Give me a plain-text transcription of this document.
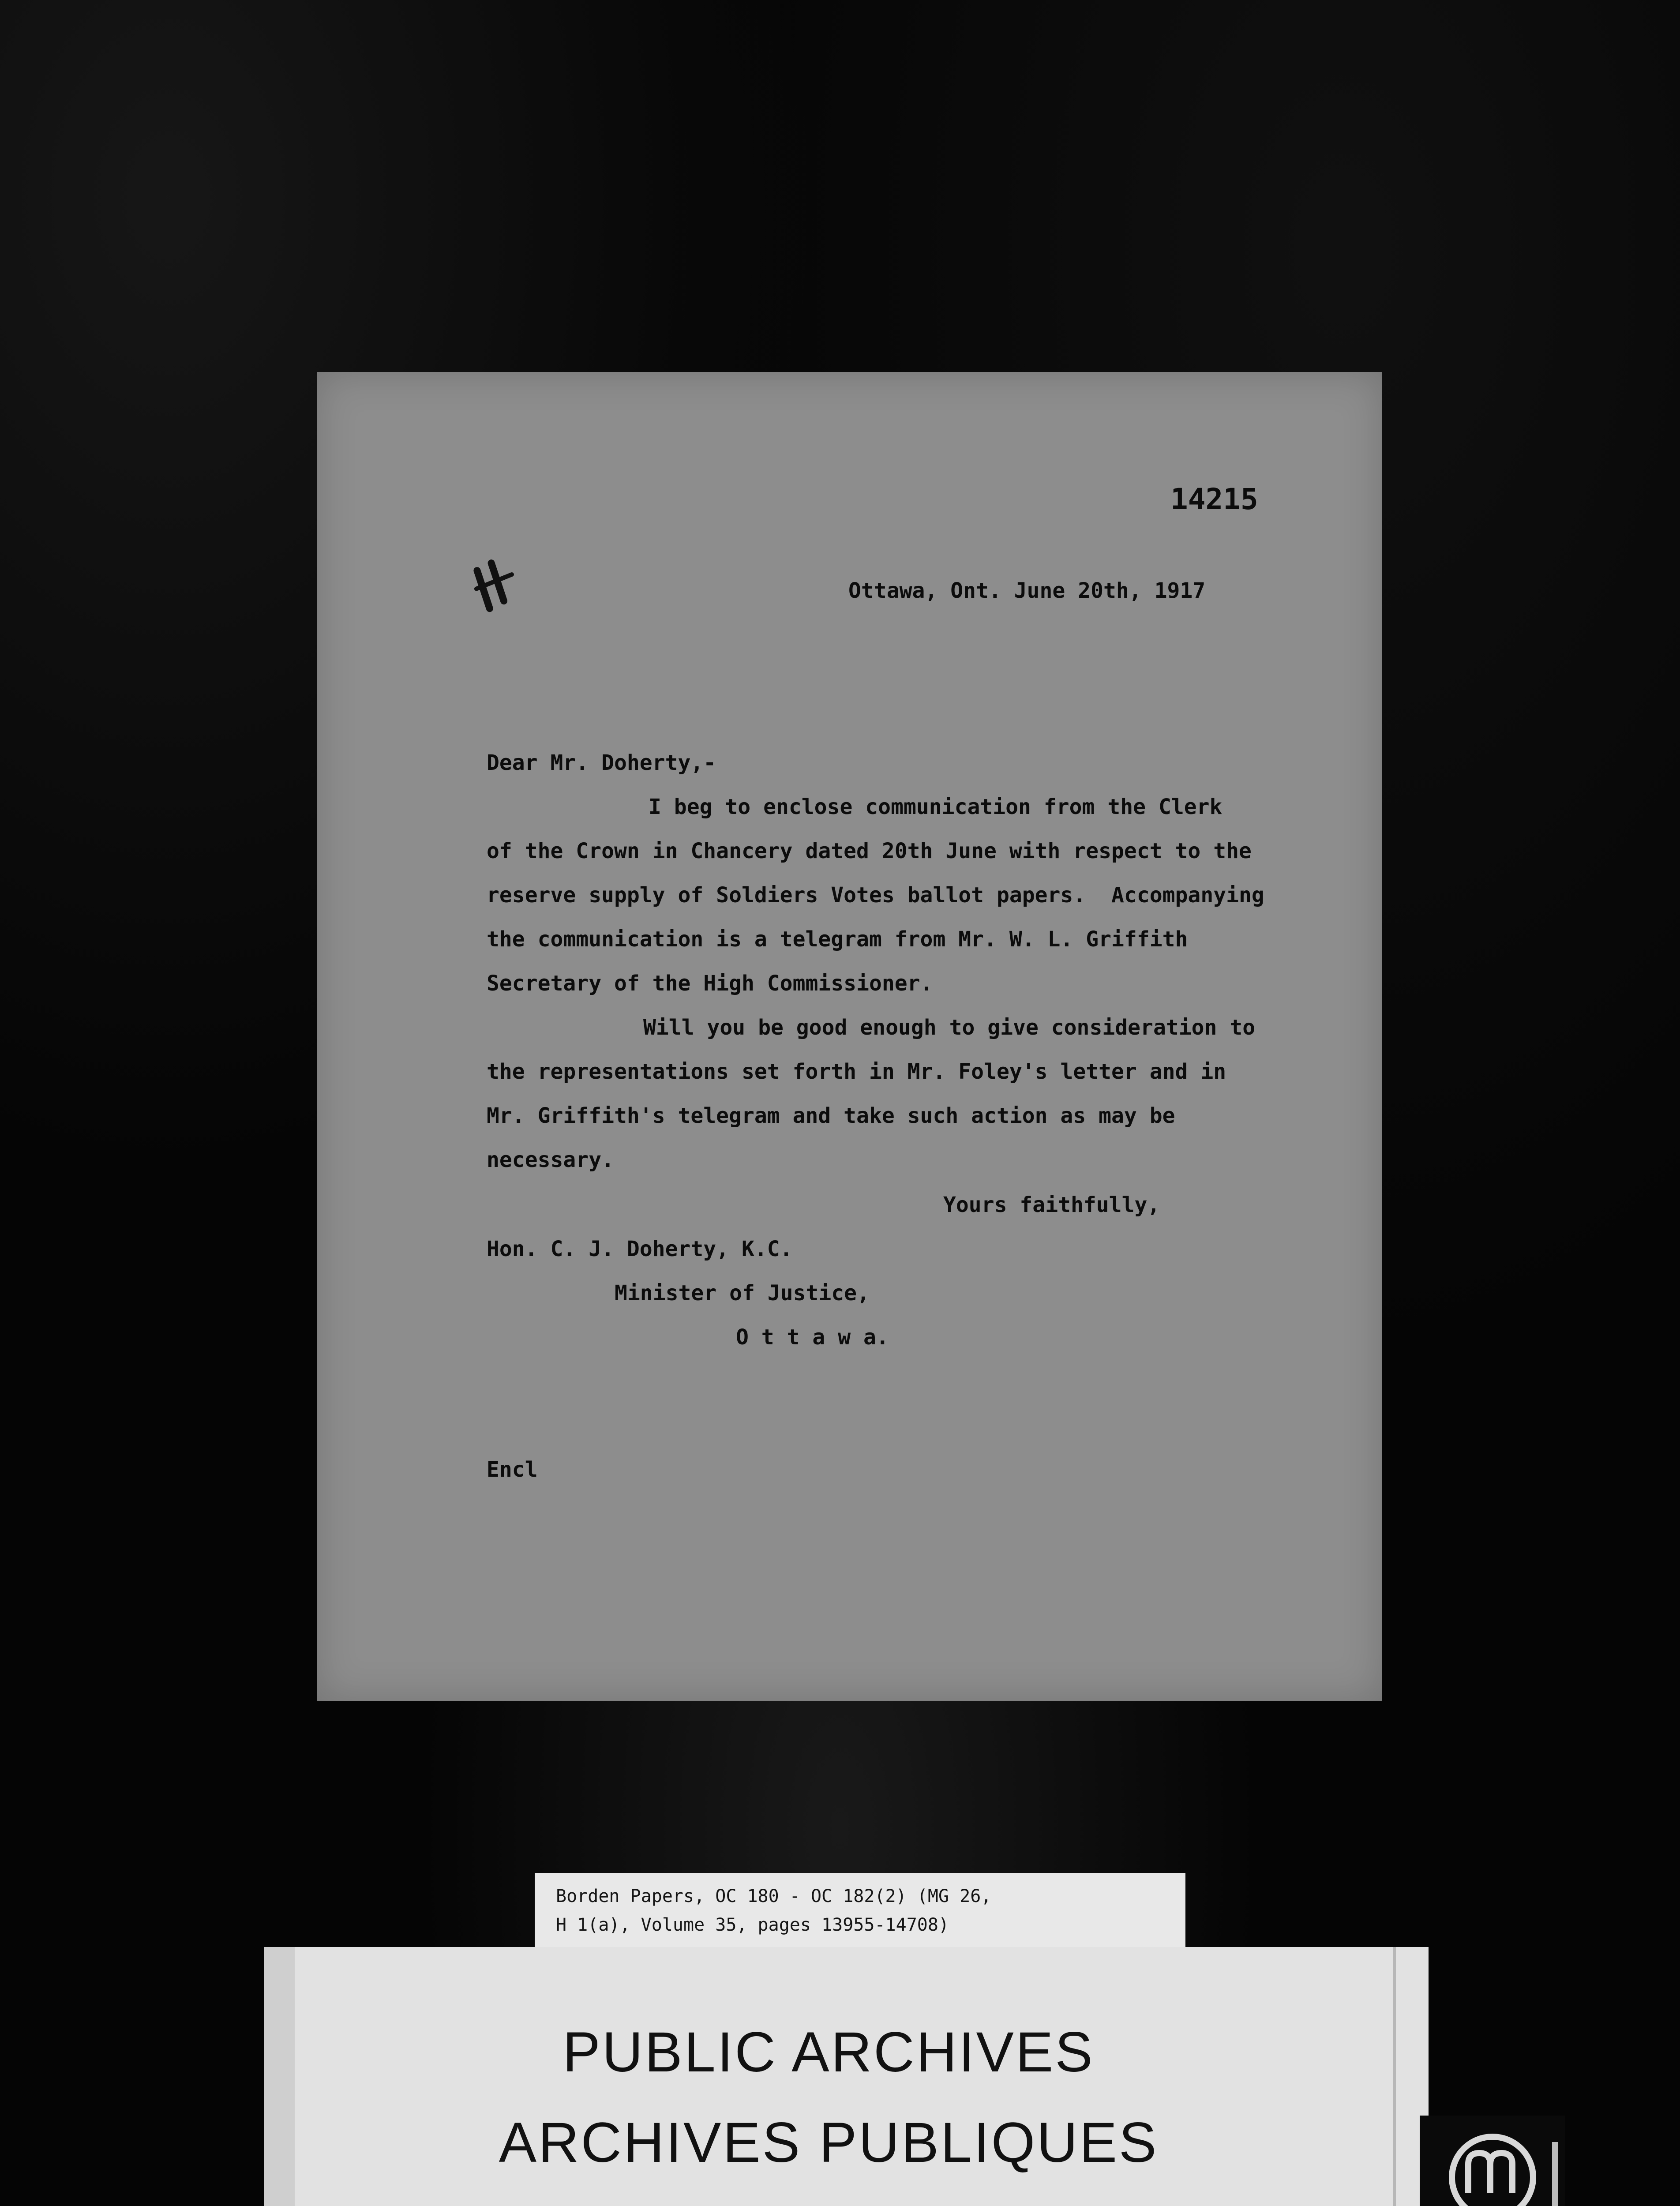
14215
Ottawa, Ont. June 20th, 1917
Dear Mr. Doherty,-
I beg to enclose communication from the Clerk
of the Crown in Chancery dated 20th June with respect to the
reserve supply of Soldiers Votes ballot papers.  Accompanying
the communication is a telegram from Mr. W. L. Griffith
Secretary of the High Commissioner.
Will you be good enough to give consideration to
the representations set forth in Mr. Foley's letter and in
Mr. Griffith's telegram and take such action as may be
necessary.
Yours faithfully,
Hon. C. J. Doherty, K.C.
Minister of Justice,
O t t a w a.
Encl
Borden Papers, OC 180 - OC 182(2) (MG 26,
H 1(a), Volume 35, pages 13955-14708)
PUBLIC ARCHIVES
ARCHIVES PUBLIQUES
